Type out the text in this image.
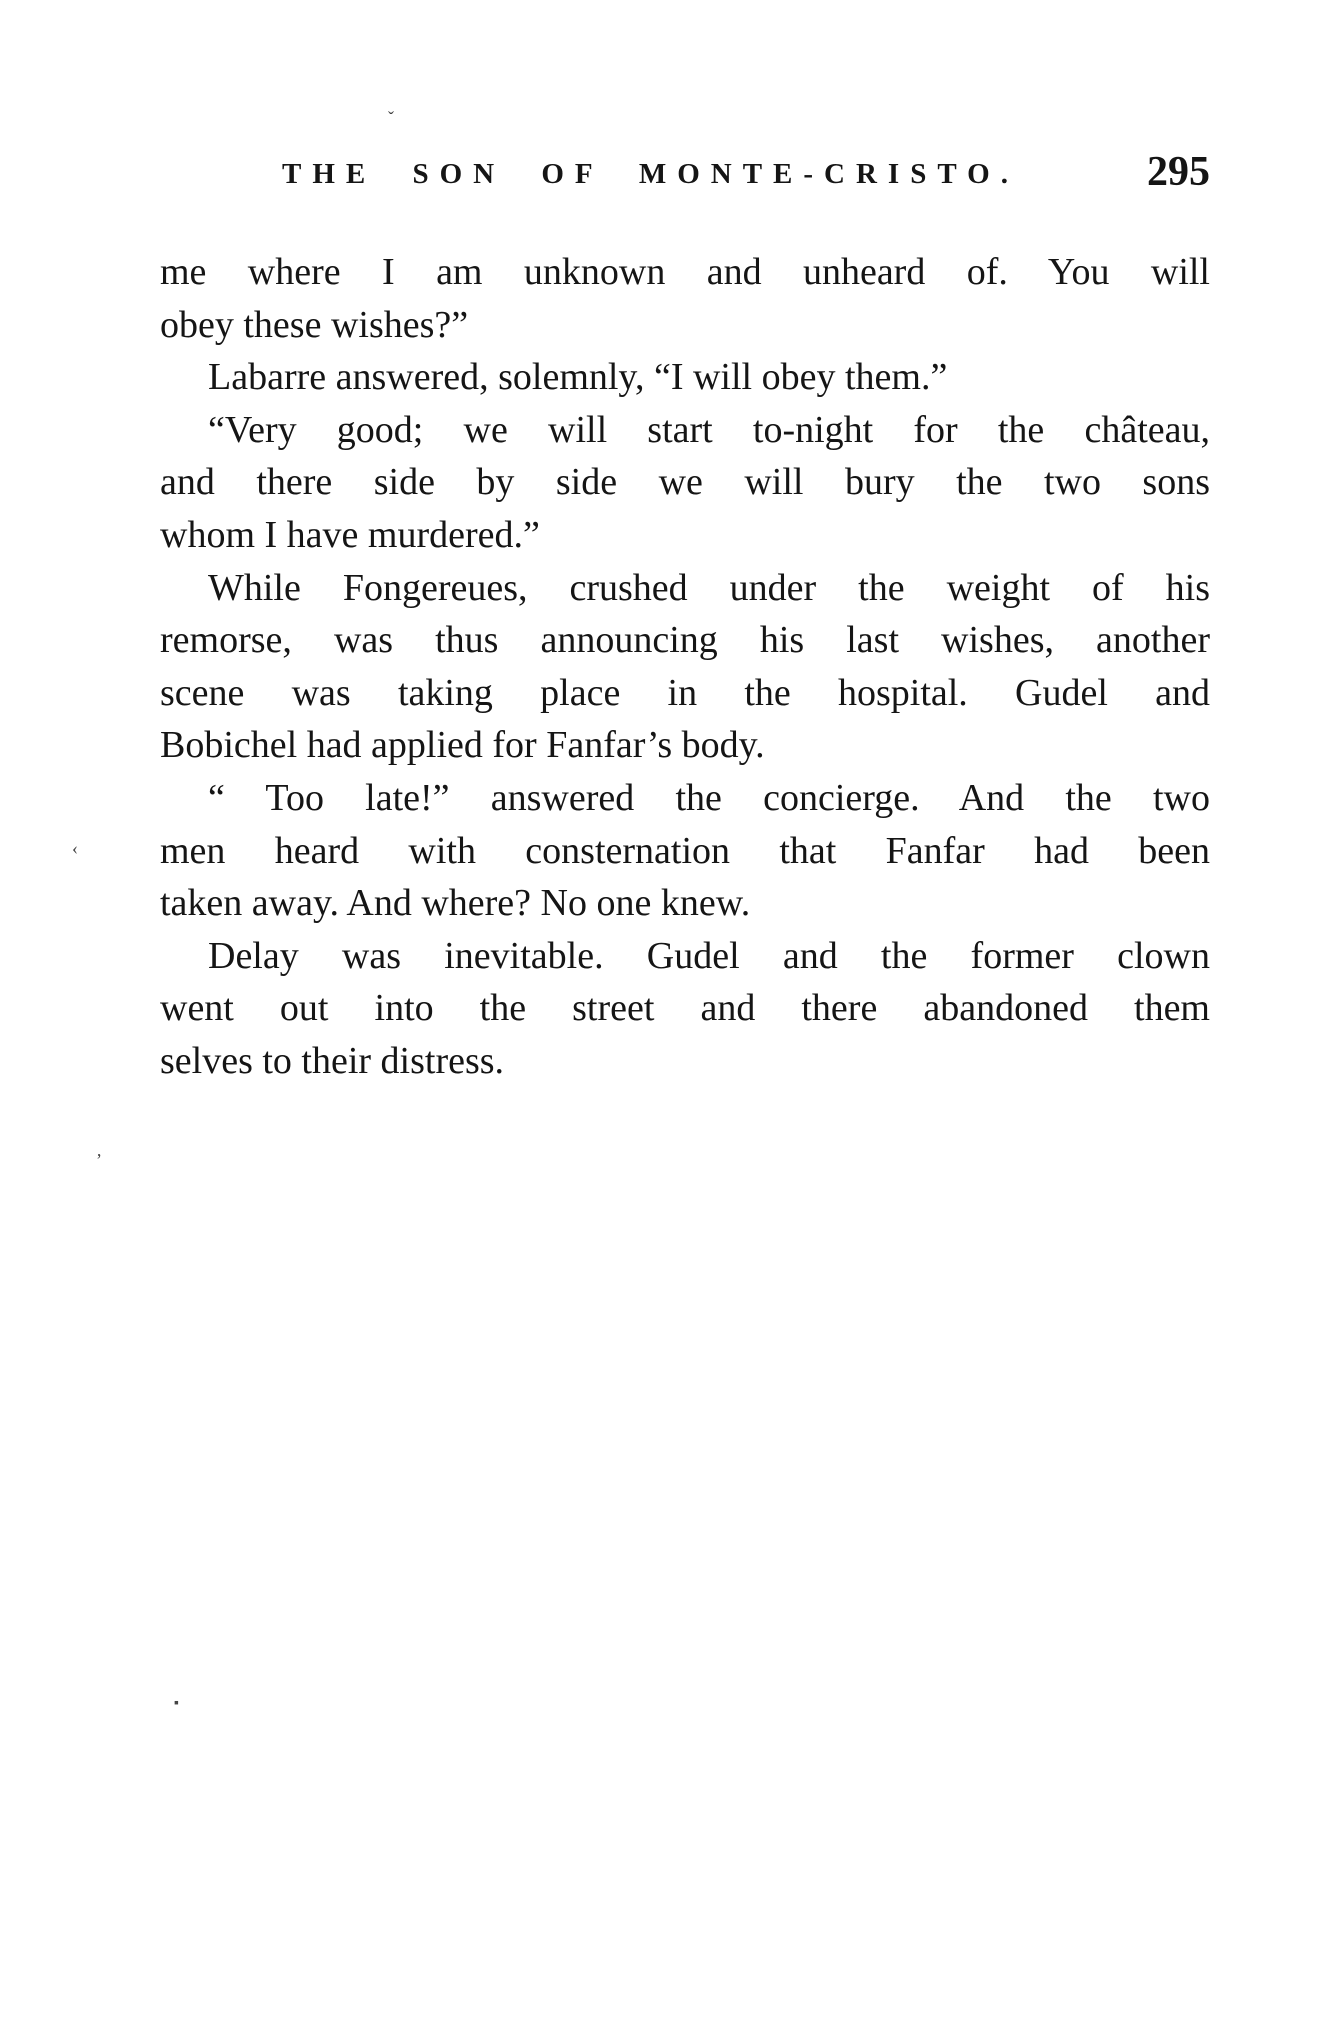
ˇ
THE SON OF MONTE-CRISTO.	295
me where I am unknown and unheard of. You will
obey these wishes?”
Labarre answered, solemnly, “I will obey them.”
“Very good; we will start to-night for the château,
and there side by side we will bury the two sons
whom I have murdered.”
While Fongereues, crushed under the weight of his
remorse, was thus announcing his last wishes, another
scene was taking place in the hospital. Gudel and
Bobichel had applied for Fanfar’s body.
“ Too late!” answered the concierge. And the two
men heard with consternation that Fanfar had been
taken away. And where? No one knew.
Delay was inevitable. Gudel and the former clown
went out into the street and there abandoned them
selves to their distress.
‹
ʼ
▪
